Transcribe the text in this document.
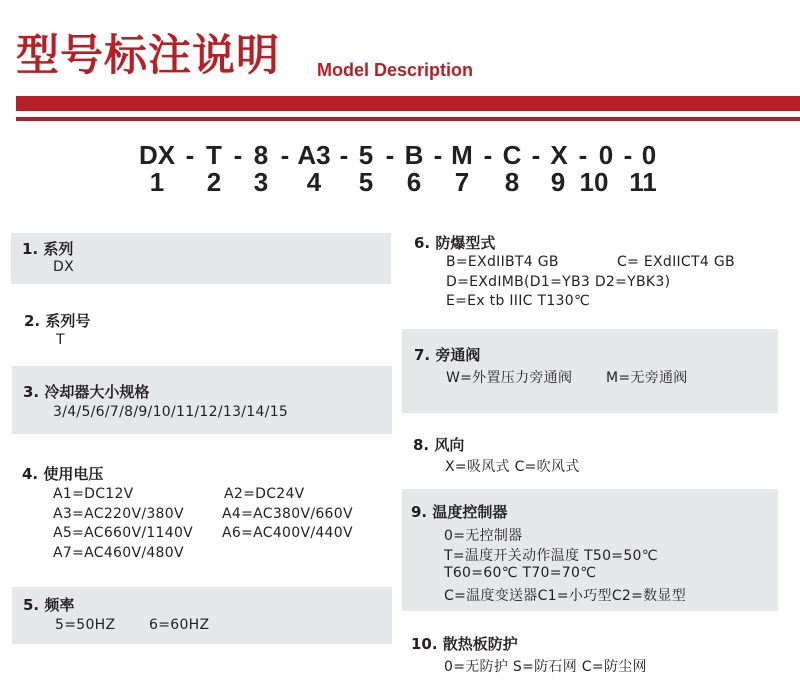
型号标注说明 Model Description
DX - T - 8 - A3 - 5 - B - M - C - X - 0 - 0
1 2 3 4 5 6 7 8 9 10 11
1. 系列
DX
2. 系列号
T
3. 冷却器大小规格
3/4/5/6/7/8/9/10/11/12/13/14/15
4. 使用电压
A1=DC12V	A2=DC24V
A3=AC220V/380V	A4=AC380V/660V
A5=AC660V/1140V A6=AC400V/440V
A7=AC460V/480V
5. 频率
5=50HZ 6=60HZ
6. 防爆型式
B=EXdIIBT4 GB	C= EXdIICT4 GB
D=EXdIMB(D1=YB3 D2=YBK3)
E=Ex tb IIIC T130℃
7. 旁通阀
W=外置压力旁通阀 M=无旁通阀
8. 风向
X=吸风式 C=吹风式
9. 温度控制器
0=无控制器
T=温度开关动作温度 T50=50℃
T60=60℃ T70=70℃
C=温度变送器C1=小巧型C2=数显型
10. 散热板防护
0=无防护 S=防石网 C=防尘网
